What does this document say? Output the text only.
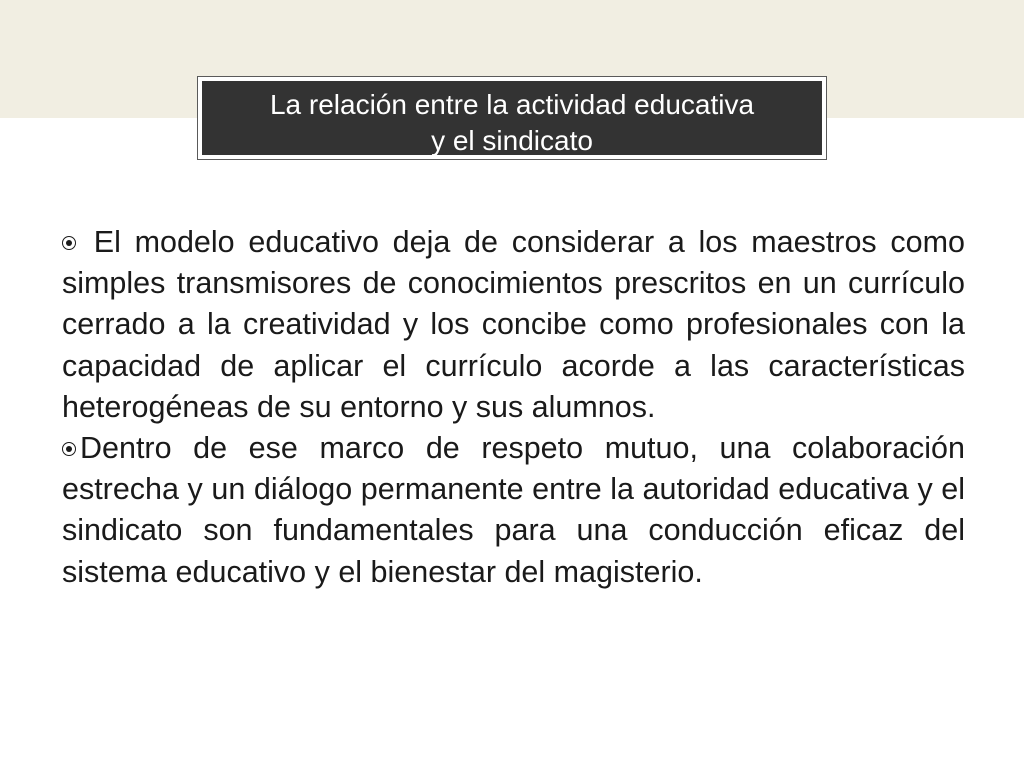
La relación entre la actividad educativa
y el sindicato

El modelo educativo deja de considerar a los maestros como simples transmisores de conocimientos prescritos en un currículo cerrado a la creatividad y los concibe como profesionales con la capacidad de aplicar el currículo acorde a las características heterogéneas de su entorno y sus alumnos.

Dentro de ese marco de respeto mutuo, una colaboración estrecha y un diálogo permanente entre la autoridad educativa y el sindicato son fundamentales para una conducción eficaz del sistema educativo y el bienestar del magisterio.
